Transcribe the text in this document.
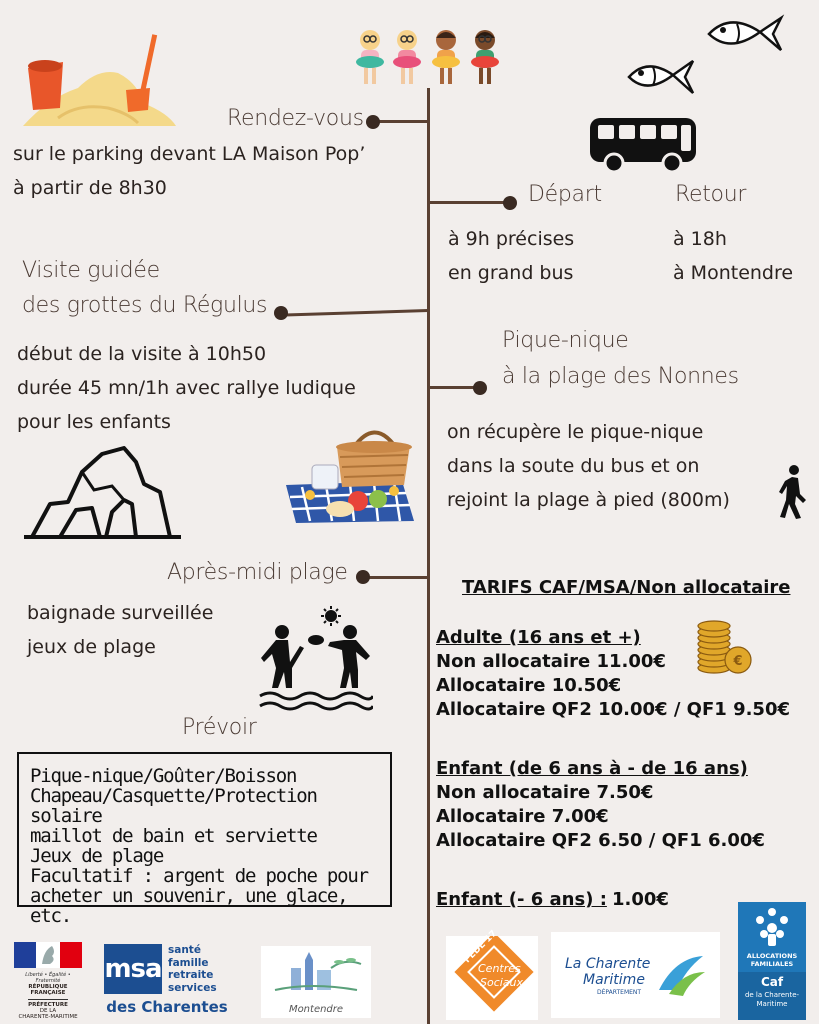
Rendez-vous
sur le parking devant LA Maison Pop’
à partir de 8h30	Départ
à 9h précises
en grand bus
Retour
à 18h
à Montendre
Visite guidée
des grottes du Régulus
début de la visite à 10h50
durée 45 mn/1h avec rallye ludique
pour les enfants
Pique-nique
à la plage des Nonnes
on récupère le pique-nique
dans la soute du bus et on
rejoint la plage à pied (800m)
Après-midi plage
baignade surveillée
jeux de plage
Prévoir
Pique-nique/Goûter/Boisson
Chapeau/Casquette/Protection solaire
maillot de bain et serviette
Jeux de plage
Facultatif : argent de poche pour
acheter un souvenir, une glace, etc.
TARIFS CAF/MSA/Non allocataire
Adulte (16 ans et +)
Non allocataire 11.00€
Allocataire 10.50€
Allocataire QF2 10.00€ / QF1 9.50€
Enfant (de 6 ans à - de 16 ans)
Non allocataire 7.50€
Allocataire 7.00€
Allocataire QF2 6.50 / QF1 6.00€
Enfant (- 6 ans) : 1.00€
€
Liberté • Égalité • Fraternité
RÉPUBLIQUE FRANÇAISE
PRÉFECTURE
DE LA
CHARENTE-MARITIME
msa
santé
famille
retraite
services
des Charentes	Montendre
FÉDÉ 17
Centres
Sociaux
La Charente
Maritime
DÉPARTEMENT
ALLOCATIONS
FAMILIALES
Caf
de la Charente-
Maritime
